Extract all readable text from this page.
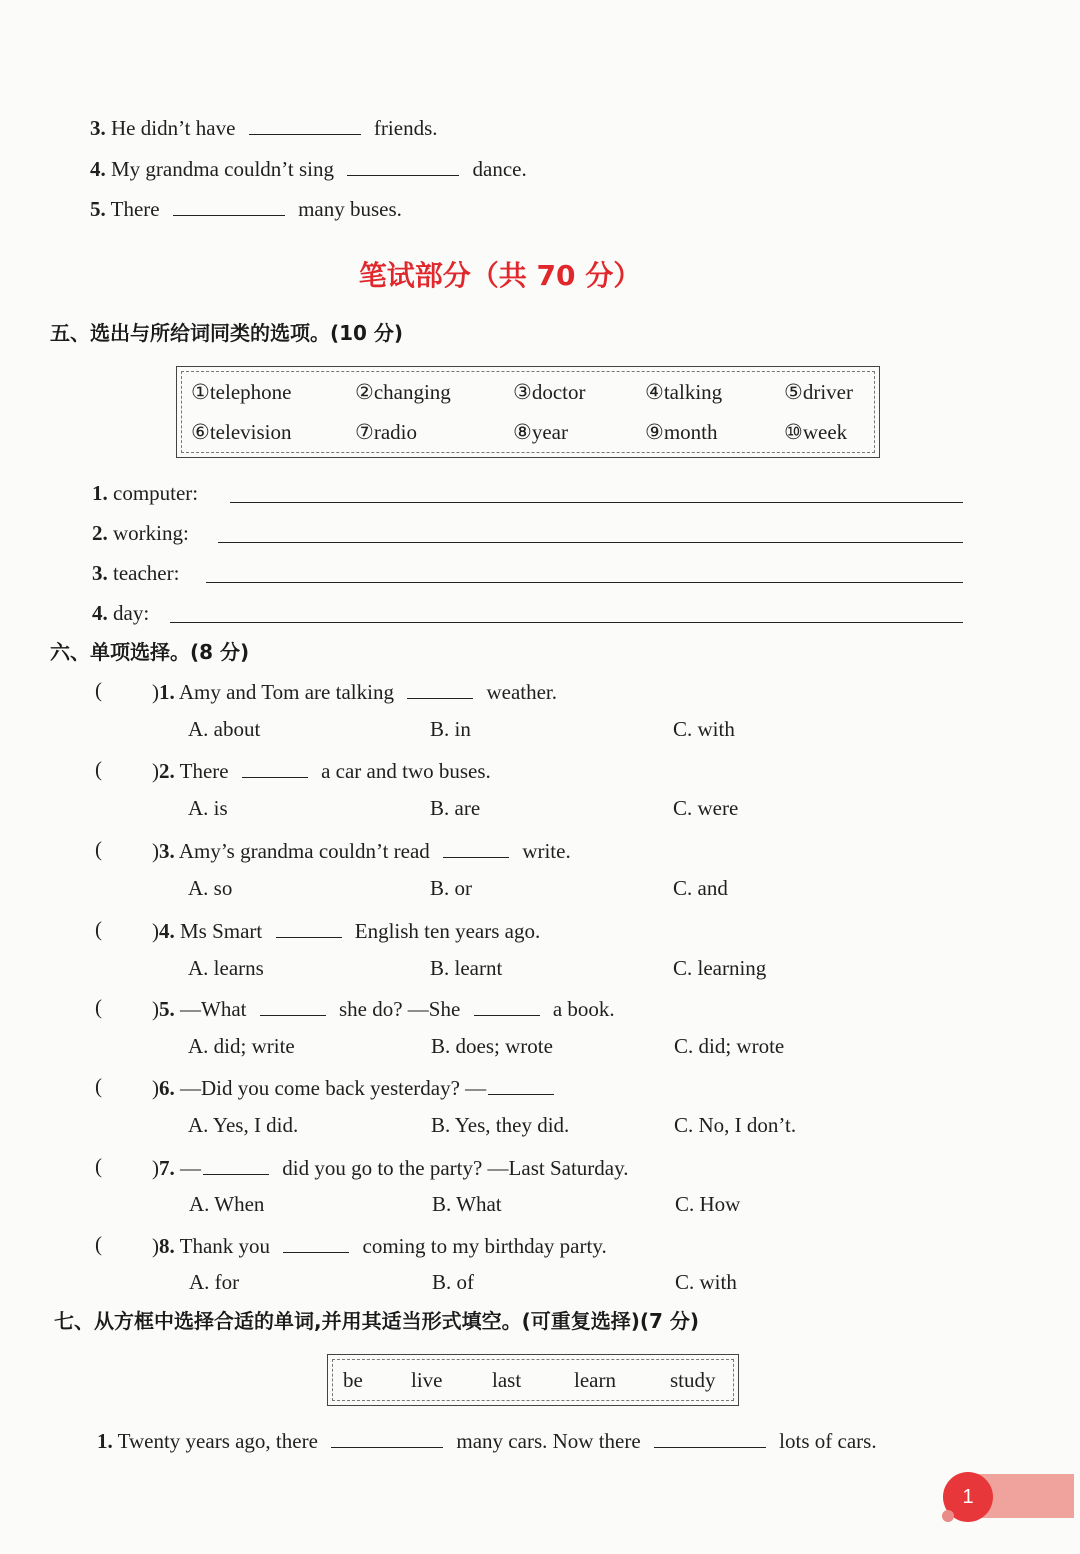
3. He didn’t have	friends.
4. My grandma couldn’t sing	dance.
5. There	many buses.
笔试部分（共 70 分）
五、选出与所给词同类的选项。(10 分)
①telephone	②changing	③doctor	④talking	⑤driver
⑥television	⑦radio	⑧year	⑨month	⑩week
1. computer:
2. working:
3. teacher:
4. day:
六、单项选择。(8 分)
( )1. Amy and Tom are talking	weather.
A. about	B. in	C. with
( )2. There	a car and two buses.
A. is	B. are	C. were
( )3. Amy’s grandma couldn’t read	write.
A. so	B. or	C. and
( )4. Ms Smart	English ten years ago.
A. learns	B. learnt	C. learning
( )5. —What	she do? —She	a book.
A. did; write	B. does; wrote	C. did; wrote
( )6. —Did you come back yesterday? —
A. Yes, I did.	B. Yes, they did.	C. No, I don’t.
( )7. —	did you go to the party? —Last Saturday.
A. When	B. What	C. How
( )8. Thank you	coming to my birthday party.
A. for	B. of	C. with
七、从方框中选择合适的单词,并用其适当形式填空。(可重复选择)(7 分)
be live last	learn	study
1. Twenty years ago, there	many cars. Now there	lots of cars.
1
